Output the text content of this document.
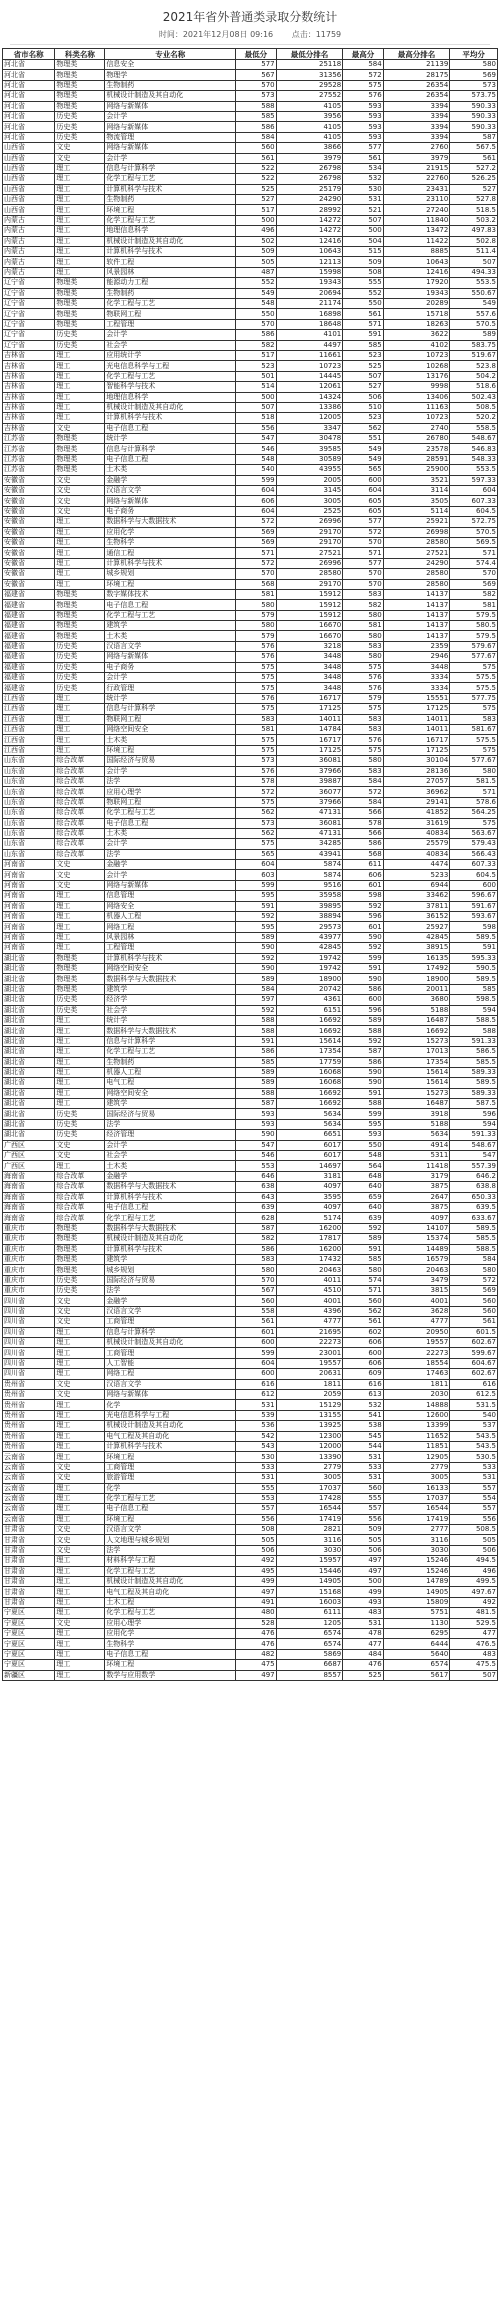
2021年省外普通类录取分数统计
时间：2021年12月08日 09:16 点击：11759
省市名称	科类名称	专业名称	最低分	最低分排名	最高分	最高分排名	平均分
河北省	物理类	信息安全	577	25118	584	21139	580
河北省	物理类	物理学	567	31356	572	28175	569
河北省	物理类	生物制药	570	29528	575	26354	573
河北省	物理类	机械设计制造及其自动化	573	27552	576	26354	573.75
河北省	物理类	网络与新媒体	588	4105	593	3394	590.33
河北省	历史类	会计学	585	3956	593	3394	590.33
河北省	历史类	网络与新媒体	586	4105	593	3394	590.33
河北省	历史类	物流管理	584	4105	593	3394	587
山西省	文史	网络与新媒体	560	3866	577	2760	567.5
山西省	文史	会计学	561	3979	561	3979	561
山西省	理工	信息与计算科学	522	26798	534	21915	527.2
山西省	理工	化学工程与工艺	522	26798	532	22760	526.25
山西省	理工	计算机科学与技术	525	25179	530	23431	527
山西省	理工	生物制药	527	24290	531	23110	527.8
山西省	理工	环境工程	517	28992	521	27240	518.5
内蒙古	理工	化学工程与工艺	500	14272	507	11840	503.2
内蒙古	理工	地理信息科学	496	14272	500	13472	497.83
内蒙古	理工	机械设计制造及其自动化	502	12416	504	11422	502.8
内蒙古	理工	计算机科学与技术	509	10643	515	8885	511.4
内蒙古	理工	软件工程	505	12113	509	10643	507
内蒙古	理工	风景园林	487	15998	508	12416	494.33
辽宁省	物理类	能源动力工程	552	19343	555	17920	553.5
辽宁省	物理类	生物制药	549	20694	552	19343	550.67
辽宁省	物理类	化学工程与工艺	548	21174	550	20289	549
辽宁省	物理类	物联网工程	550	16898	561	15718	557.6
辽宁省	物理类	工程管理	570	18648	571	18263	570.5
辽宁省	历史类	会计学	586	4101	591	3622	589
辽宁省	历史类	社会学	582	4497	585	4102	583.75
吉林省	理工	应用统计学	517	11661	523	10723	519.67
吉林省	理工	光电信息科学与工程	523	10723	525	10268	523.8
吉林省	理工	化学工程与工艺	501	14445	507	13176	504.2
吉林省	理工	智能科学与技术	514	12061	527	9998	518.6
吉林省	理工	地理信息科学	500	14324	506	13406	502.43
吉林省	理工	机械设计制造及其自动化	507	13386	510	11163	508.5
吉林省	理工	计算机科学与技术	518	12005	523	10723	520.2
吉林省	文史	电子信息工程	556	3347	562	2740	558.5
江苏省	物理类	统计学	547	30478	551	26780	548.67
江苏省	物理类	信息与计算科学	546	39585	549	23578	546.83
江苏省	物理类	电子信息工程	548	30589	549	28591	548.33
江苏省	物理类	土木类	540	43955	565	25900	553.5
安徽省	文史	金融学	599	2005	600	3521	597.33
安徽省	文史	汉语言文学	604	3145	604	3114	604
安徽省	文史	网络与新媒体	606	3005	605	3505	607.33
安徽省	文史	电子商务	604	2525	605	5114	604.5
安徽省	理工	数据科学与大数据技术	572	26996	577	25921	572.75
安徽省	理工	应用化学	569	29170	572	26998	570.5
安徽省	理工	生物科学	569	29170	570	28580	569.5
安徽省	理工	通信工程	571	27521	571	27521	571
安徽省	理工	计算机科学与技术	572	26996	577	24290	574.4
安徽省	理工	城乡规划	570	28580	570	28580	570
安徽省	理工	环境工程	568	29170	570	28580	569
福建省	物理类	数字媒体技术	581	15912	583	14137	582
福建省	物理类	电子信息工程	580	15912	582	14137	581
福建省	物理类	化学工程与工艺	579	15912	580	14137	579.5
福建省	物理类	建筑学	580	16670	581	14137	580.5
福建省	物理类	土木类	579	16670	580	14137	579.5
福建省	历史类	汉语言文学	576	3218	583	2359	579.67
福建省	历史类	网络与新媒体	576	3448	580	2946	577.67
福建省	历史类	电子商务	575	3448	575	3448	575
福建省	历史类	会计学	575	3448	576	3334	575.5
福建省	历史类	行政管理	575	3448	576	3334	575.5
江西省	理工	统计学	576	16717	579	15551	577.75
江西省	理工	信息与计算科学	575	17125	575	17125	575
江西省	理工	物联网工程	583	14011	583	14011	583
江西省	理工	网络空间安全	581	14784	583	14011	581.67
江西省	理工	土木类	575	16717	576	16717	575.5
江西省	理工	环境工程	575	17125	575	17125	575
山东省	综合改革	国际经济与贸易	573	36081	580	30104	577.67
山东省	综合改革	会计学	576	37966	583	28136	580
山东省	综合改革	法学	578	39887	584	27057	581.5
山东省	综合改革	应用心理学	572	36077	572	36962	571
山东省	综合改革	物联网工程	575	37966	584	29141	578.6
山东省	综合改革	化学工程与工艺	562	47131	566	41852	564.25
山东省	综合改革	电子信息工程	573	36081	578	31619	575
山东省	综合改革	土木类	562	47131	566	40834	563.67
山东省	综合改革	会计学	575	34285	586	25579	579.43
山东省	综合改革	法学	565	43941	568	40834	566.43
河南省	文史	金融学	604	5874	611	4474	607.33
河南省	文史	会计学	603	5874	606	5233	604.5
河南省	文史	网络与新媒体	599	9516	601	6944	600
河南省	理工	信息管理	595	35958	598	33462	596.67
河南省	理工	网络安全	591	39895	592	37811	591.67
河南省	理工	机器人工程	592	38894	596	36152	593.67
河南省	理工	网络工程	595	29573	601	25927	598
河南省	理工	风景园林	589	43977	590	42845	589.5
河南省	理工	工程管理	590	42845	592	38915	591
湖北省	物理类	计算机科学与技术	592	19742	599	16135	595.33
湖北省	物理类	网络空间安全	590	19742	591	17492	590.5
湖北省	物理类	数据科学与大数据技术	589	18900	590	18900	589.5
湖北省	物理类	建筑学	584	20742	586	20011	585
湖北省	历史类	经济学	597	4361	600	3680	598.5
湖北省	历史类	社会学	592	6151	596	5188	594
湖北省	理工	统计学	588	16692	589	16487	588.5
湖北省	理工	数据科学与大数据技术	588	16692	588	16692	588
湖北省	理工	信息与计算科学	591	15614	592	15273	591.33
湖北省	理工	化学工程与工艺	586	17354	587	17013	586.5
湖北省	理工	生物制药	585	17759	586	17354	585.5
湖北省	理工	机器人工程	589	16068	590	15614	589.33
湖北省	理工	电气工程	589	16068	590	15614	589.5
湖北省	理工	网络空间安全	588	16692	591	15273	589.33
湖北省	理工	建筑学	587	16692	588	16487	587.5
湖北省	历史类	国际经济与贸易	593	5634	599	3918	596
湖北省	历史类	法学	593	5634	595	5188	594
湖北省	历史类	经济管理	590	6651	593	5634	591.33
广西区	文史	会计学	547	6017	550	4914	548.67
广西区	文史	社会学	546	6017	548	5311	547
广西区	理工	土木类	553	14697	564	11418	557.39
海南省	综合改革	金融学	646	3181	648	3179	646.2
海南省	综合改革	数据科学与大数据技术	638	4097	640	3875	638.8
海南省	综合改革	计算机科学与技术	643	3595	659	2647	650.33
海南省	综合改革	电子信息工程	639	4097	640	3875	639.5
海南省	综合改革	化学工程与工艺	628	5174	639	4097	633.67
重庆市	物理类	数据科学与大数据技术	587	16200	592	14107	589.5
重庆市	物理类	机械设计制造及其自动化	582	17817	589	15374	585.5
重庆市	物理类	计算机科学与技术	586	16200	591	14489	588.5
重庆市	物理类	建筑学	583	17432	585	16579	584
重庆市	物理类	城乡规划	580	20463	580	20463	580
重庆市	历史类	国际经济与贸易	570	4011	574	3479	572
重庆市	历史类	法学	567	4510	571	3815	569
四川省	文史	金融学	560	4001	560	4001	560
四川省	文史	汉语言文学	558	4396	562	3628	560
四川省	文史	工商管理	561	4777	561	4777	561
四川省	理工	信息与计算科学	601	21695	602	20950	601.5
四川省	理工	机械设计制造及其自动化	600	22273	606	19557	602.67
四川省	理工	工商管理	599	23001	600	22273	599.67
四川省	理工	人工智能	604	19557	606	18554	604.67
四川省	理工	网络工程	600	20631	609	17463	602.67
贵州省	文史	汉语言文学	616	1811	616	1811	616
贵州省	文史	网络与新媒体	612	2059	613	2030	612.5
贵州省	理工	化学	531	15129	532	14888	531.5
贵州省	理工	光电信息科学与工程	539	13155	541	12600	540
贵州省	理工	机械设计制造及其自动化	536	13925	538	13399	537
贵州省	理工	电气工程及其自动化	542	12300	545	11652	543.5
贵州省	理工	计算机科学与技术	543	12000	544	11851	543.5
云南省	理工	环境工程	530	13390	531	12905	530.5
云南省	文史	工商管理	533	2779	533	2779	533
云南省	文史	旅游管理	531	3005	531	3005	531
云南省	理工	化学	555	17037	560	16133	557
云南省	理工	化学工程与工艺	553	17428	555	17037	554
云南省	理工	电子信息工程	557	16544	557	16544	557
云南省	理工	环境工程	556	17419	556	17419	556
甘肃省	文史	汉语言文学	508	2821	509	2777	508.5
甘肃省	文史	人文地理与城乡规划	505	3116	505	3116	505
甘肃省	文史	法学	506	3030	506	3030	506
甘肃省	理工	材料科学与工程	492	15957	497	15246	494.5
甘肃省	理工	化学工程与工艺	495	15446	497	15246	496
甘肃省	理工	机械设计制造及其自动化	499	14905	500	14789	499.5
甘肃省	理工	电气工程及其自动化	497	15168	499	14905	497.67
甘肃省	理工	土木工程	491	16003	493	15809	492
宁夏区	理工	化学工程与工艺	480	6111	483	5751	481.5
宁夏区	文史	应用心理学	528	1205	531	1130	529.5
宁夏区	理工	应用化学	476	6574	478	6295	477
宁夏区	理工	生物科学	476	6574	477	6444	476.5
宁夏区	理工	电子信息工程	482	5869	484	5640	483
宁夏区	理工	环境工程	475	6687	476	6574	475.5
新疆区	理工	数学与应用数学	497	8557	525	5617	507
